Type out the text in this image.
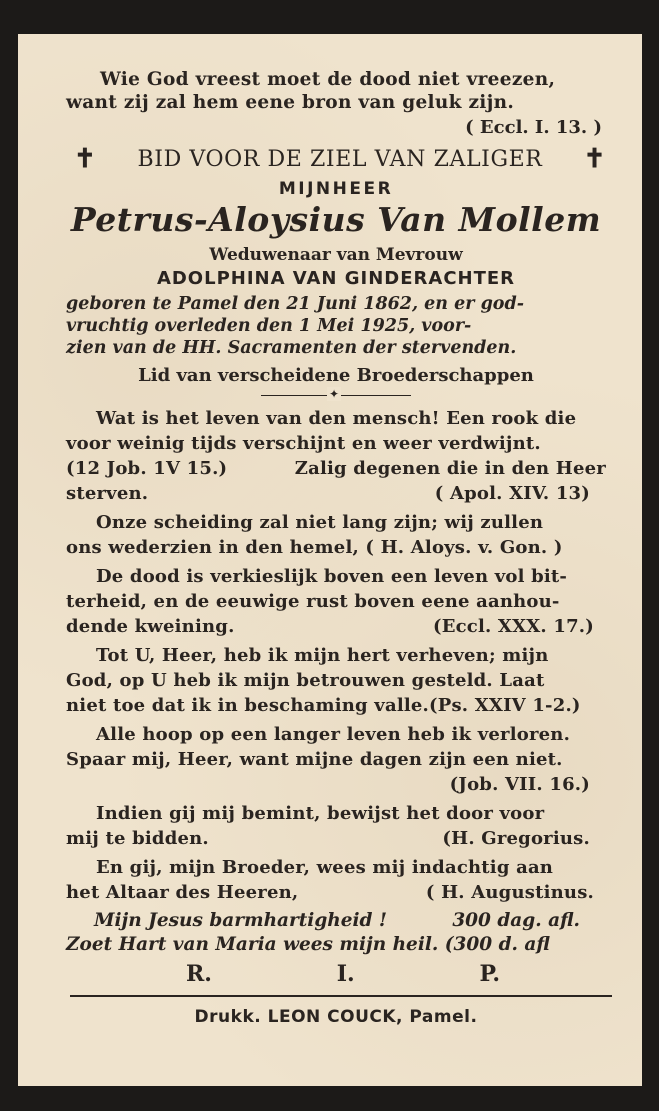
Wie God vreest moet de dood niet vreezen,
want zij zal hem eene bron van geluk zijn.
( Eccl. I. 13. )
✝ BID VOOR DE ZIEL VAN ZALIGER ✝
MIJNHEER
Petrus-Aloysius Van Mollem
Weduwenaar van Mevrouw
ADOLPHINA VAN GINDERACHTER
geboren te Pamel den 21 Juni 1862, en er god-
vruchtig overleden den 1 Mei 1925, voor-
zien van de HH. Sacramenten der stervenden.
Lid van verscheidene Broederschappen
✦
Wat is het leven van den mensch! Een rook die
voor weinig tijds verschijnt en weer verdwijnt.
(12 Job. 1V 15.)	Zalig degenen die in den Heer
sterven.	( Apol. XIV. 13)
Onze scheiding zal niet lang zijn; wij zullen
ons wederzien in den hemel, ( H. Aloys. v. Gon. )
De dood is verkieslijk boven een leven vol bit-
terheid, en de eeuwige rust boven eene aanhou-
dende kweining.	(Eccl. XXX. 17.)
Tot U, Heer, heb ik mijn hert verheven; mijn
God, op U heb ik mijn betrouwen gesteld. Laat
niet toe dat ik in beschaming valle.(Ps. XXIV 1-2.)
Alle hoop op een langer leven heb ik verloren.
Spaar mij, Heer, want mijne dagen zijn een niet.
(Job. VII. 16.)
Indien gij mij bemint, bewijst het door voor
mij te bidden.	(H. Gregorius.
En gij, mijn Broeder, wees mij indachtig aan
het Altaar des Heeren,	( H. Augustinus.
Mijn Jesus barmhartigheid !	300 dag. afl.
Zoet Hart van Maria wees mijn heil. (300 d. afl
R.	I.	P.
Drukk. LEON COUCK, Pamel.
